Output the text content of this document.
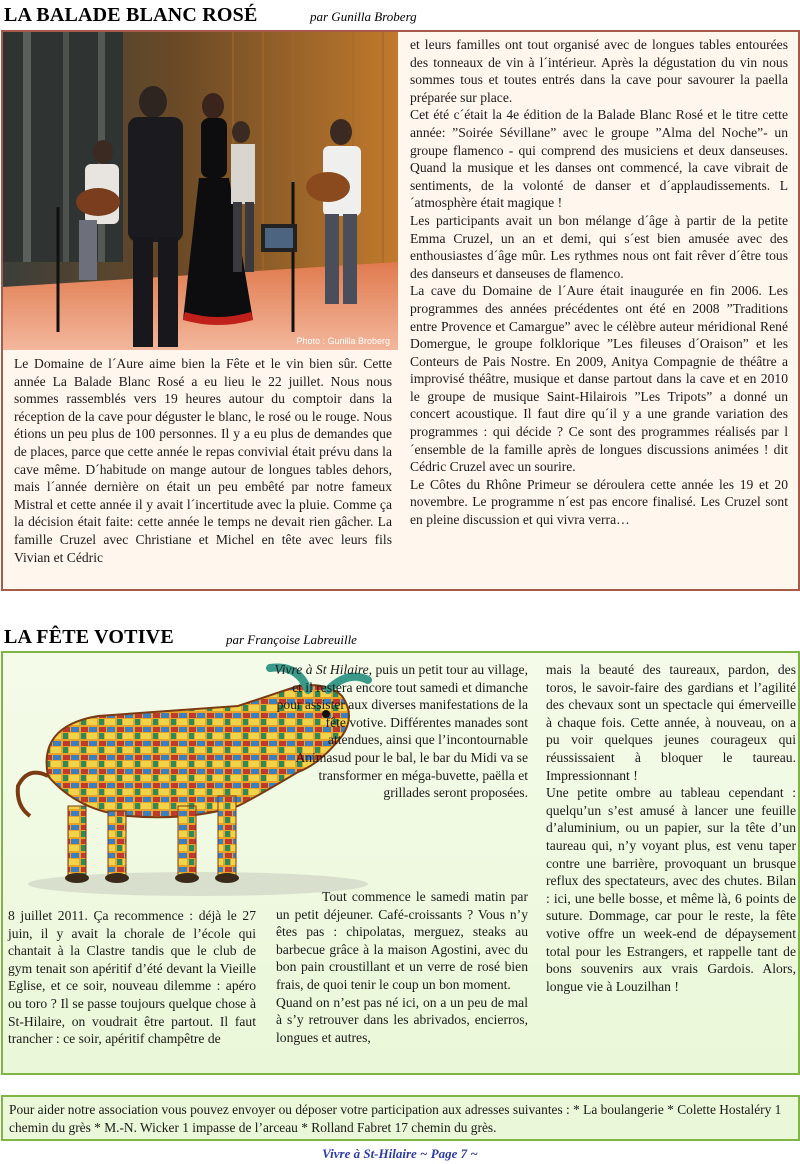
LA BALADE BLANC ROSÉ	par Gunilla Broberg
Photo : Gunilla Broberg

Le Domaine de l´Aure aime bien la Fête et le vin bien sûr. Cette année La Balade Blanc Rosé a eu lieu le 22 juillet. Nous nous sommes rassemblés vers 19 heures autour du comptoir dans la réception de la cave pour déguster le blanc, le rosé ou le rouge. Nous étions un peu plus de 100 personnes. Il y a eu plus de demandes que de places, parce que cette année le repas convivial était prévu dans la cave même. D´habitude on mange autour de longues tables dehors, mais l´année dernière on était un peu embêté par notre fameux Mistral et cette année il y avait l´incertitude avec la pluie. Comme ça la décision était faite: cette année le temps ne devait rien gâcher. La famille Cruzel avec Christiane et Michel en tête avec leurs fils Vivian et Cédric

et leurs familles ont tout organisé avec de longues tables entourées des tonneaux de vin à l´intérieur. Après la dégustation du vin nous sommes tous et toutes entrés dans la cave pour savourer la paella préparée sur place.

Cet été c´était la 4e édition de la Balade Blanc Rosé et le titre cette année: ”Soirée Sévillane” avec le groupe ”Alma del Noche”- un groupe flamenco - qui comprend des musiciens et deux danseuses. Quand la musique et les danses ont commencé, la cave vibrait de sentiments, de la volonté de danser et d´applaudissements. L´atmosphère était magique !

Les participants avait un bon mélange d´âge à partir de la petite Emma Cruzel, un an et demi, qui s´est bien amusée avec des enthousiastes d´âge mûr. Les rythmes nous ont fait rêver d´être tous des danseurs et danseuses de flamenco.

La cave du Domaine de l´Aure était inaugurée en fin 2006. Les programmes des années précédentes ont été en 2008 ”Traditions entre Provence et Camargue” avec le célèbre auteur méridional René Domergue, le groupe folklorique ”Les fileuses d´Oraison” et les Conteurs de Pais Nostre. En 2009, Anitya Compagnie de théâtre a improvisé théâtre, musique et danse partout dans la cave et en 2010 le groupe de musique Saint-Hilairois ”Les Tripots” a donné un concert acoustique. Il faut dire qu´il y a une grande variation des programmes : qui décide ? Ce sont des programmes réalisés par l´ensemble de la famille après de longues discussions animées ! dit Cédric Cruzel avec un sourire.

Le Côtes du Rhône Primeur se déroulera cette année les 19 et 20 novembre. Le programme n´est pas encore finalisé. Les Cruzel sont en pleine discussion et qui vivra verra…

LA FÊTE VOTIVE	par Françoise Labreuille

Vivre à St Hilaire, puis un petit tour au village, et il restera encore tout samedi et dimanche pour assister aux diverses manifestations de la fête votive. Différentes manades sont attendues, ainsi que l’incontournable Animasud pour le bal, le bar du Midi va se transformer en méga-buvette, paëlla et grillades seront proposées.

8 juillet 2011. Ça recommence : déjà le 27 juin, il y avait la chorale de l’école qui chantait à la Clastre tandis que le club de gym tenait son apéritif d’été devant la Vieille Eglise, et ce soir, nouveau dilemme : apéro ou toro ? Il se passe toujours quelque chose à St-Hilaire, on voudrait être partout. Il faut trancher : ce soir, apéritif champêtre de

Tout commence le samedi matin par un petit déjeuner. Café-croissants ? Vous n’y êtes pas : chipolatas, merguez, steaks au barbecue grâce à la maison Agostini, avec du bon pain croustillant et un verre de rosé bien frais, de quoi tenir le coup un bon moment.

Quand on n’est pas né ici, on a un peu de mal à s’y retrouver dans les abrivados, encierros, longues et autres,

mais la beauté des taureaux, pardon, des toros, le savoir-faire des gardians et l’agilité des chevaux sont un spectacle qui émerveille à chaque fois. Cette année, à nouveau, on a pu voir quelques jeunes courageux qui réussissaient à bloquer le taureau. Impressionnant !

Une petite ombre au tableau cependant : quelqu’un s’est amusé à lancer une feuille d’aluminium, ou un papier, sur la tête d’un taureau qui, n’y voyant plus, est venu taper contre une barrière, provoquant un brusque reflux des spectateurs, avec des chutes. Bilan : ici, une belle bosse, et même là, 6 points de suture. Dommage, car pour le reste, la fête votive offre un week-end de dépaysement total pour les Estrangers, et rappelle tant de bons souvenirs aux vrais Gardois. Alors, longue vie à Louzilhan !

Pour aider notre association vous pouvez envoyer ou déposer votre participation aux adresses suivantes : * La boulangerie * Colette Hostaléry 1 chemin du grès * M.-N. Wicker 1 impasse de l’arceau * Rolland Fabret 17 chemin du grès.
Vivre à St-Hilaire ~ Page 7 ~
